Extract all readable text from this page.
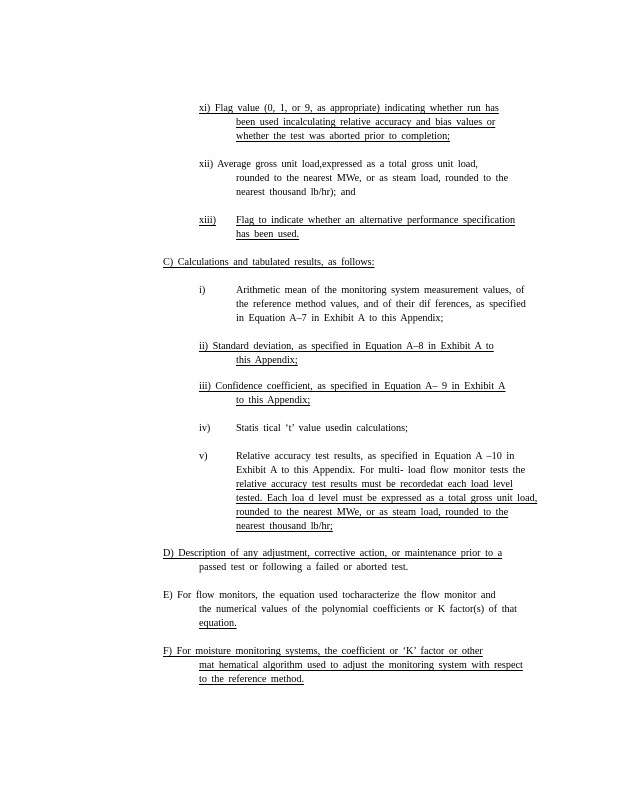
xi) Flag value (0, 1, or 9, as appropriate) indicating whether run has
been used incalculating relative accuracy and bias values or
whether the test was aborted prior to completion;
xii) Average gross unit load,expressed as a total gross unit load,
rounded to the nearest MWe, or as steam load, rounded to the
nearest thousand lb/hr); and
xiii) Flag to indicate whether an alternative performance specification
has been used.
C) Calculations and tabulated results, as follows:
i)	Arithmetic mean of the monitoring system measurement values, of
the reference method values, and of their dif ferences, as specified
in Equation A–7 in Exhibit A to this Appendix;
ii) Standard deviation, as specified in Equation A–8 in Exhibit A to
this Appendix;
iii) Confidence coefficient, as specified in Equation A– 9 in Exhibit A
to this Appendix;
iv)	Statis tical ‘t’ value usedin calculations;
v)	Relative accuracy test results, as specified in Equation A –10 in
Exhibit A to this Appendix. For multi- load flow monitor tests the
relative accuracy test results must be recordedat each load level
tested. Each loa d level must be expressed as a total gross unit load,
rounded to the nearest MWe, or as steam load, rounded to the
nearest thousand lb/hr;
D) Description of any adjustment, corrective action, or maintenance prior to a
passed test or following a failed or aborted test.
E) For flow monitors, the equation used tocharacterize the flow monitor and
the numerical values of the polynomial coefficients or K factor(s) of that
equation.
F) For moisture monitoring systems, the coefficient or ‘K’ factor or other
mat hematical algorithm used to adjust the monitoring system with respect
to the reference method.
